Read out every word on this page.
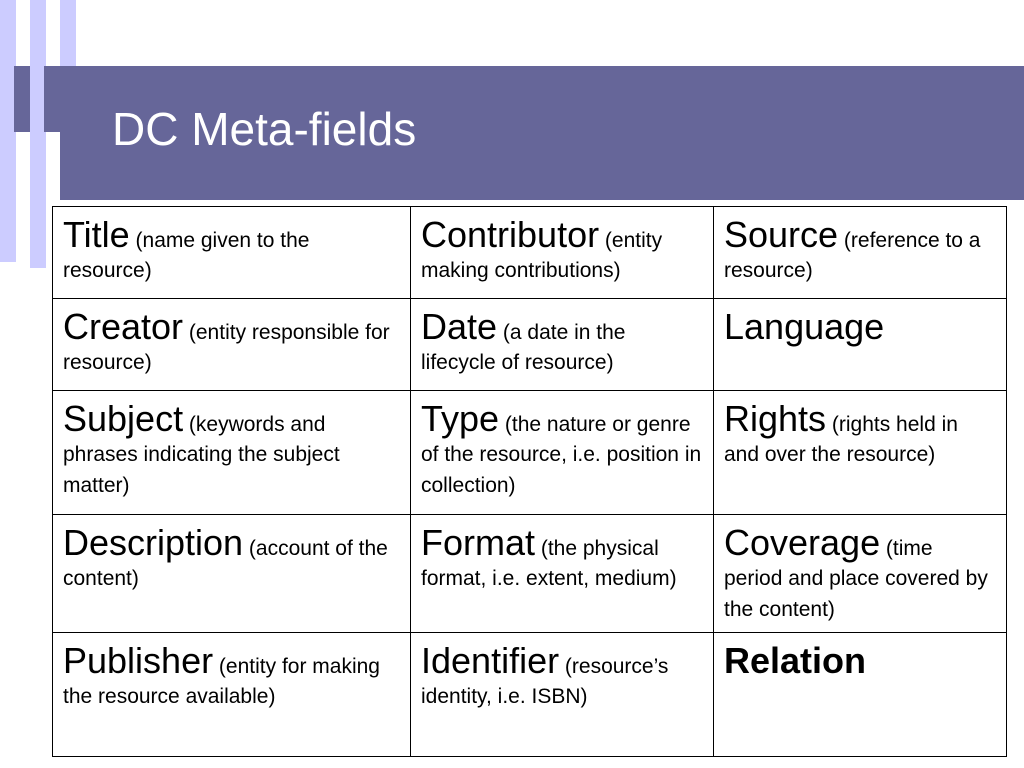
DC Meta-fields
Title (name given to the resource)	Contributor (entity making contributions)	Source (reference to a resource)
Creator (entity responsible for resource)	Date (a date in the lifecycle of resource)	Language
Subject (keywords and phrases indicating the subject matter)	Type (the nature or genre of the resource, i.e. position in collection)	Rights (rights held in and over the resource)
Description (account of the content)	Format (the physical format, i.e. extent, medium)	Coverage (time period and place covered by the content)
Publisher (entity for making the resource available)	Identifier (resource’s identity, i.e. ISBN)	Relation
